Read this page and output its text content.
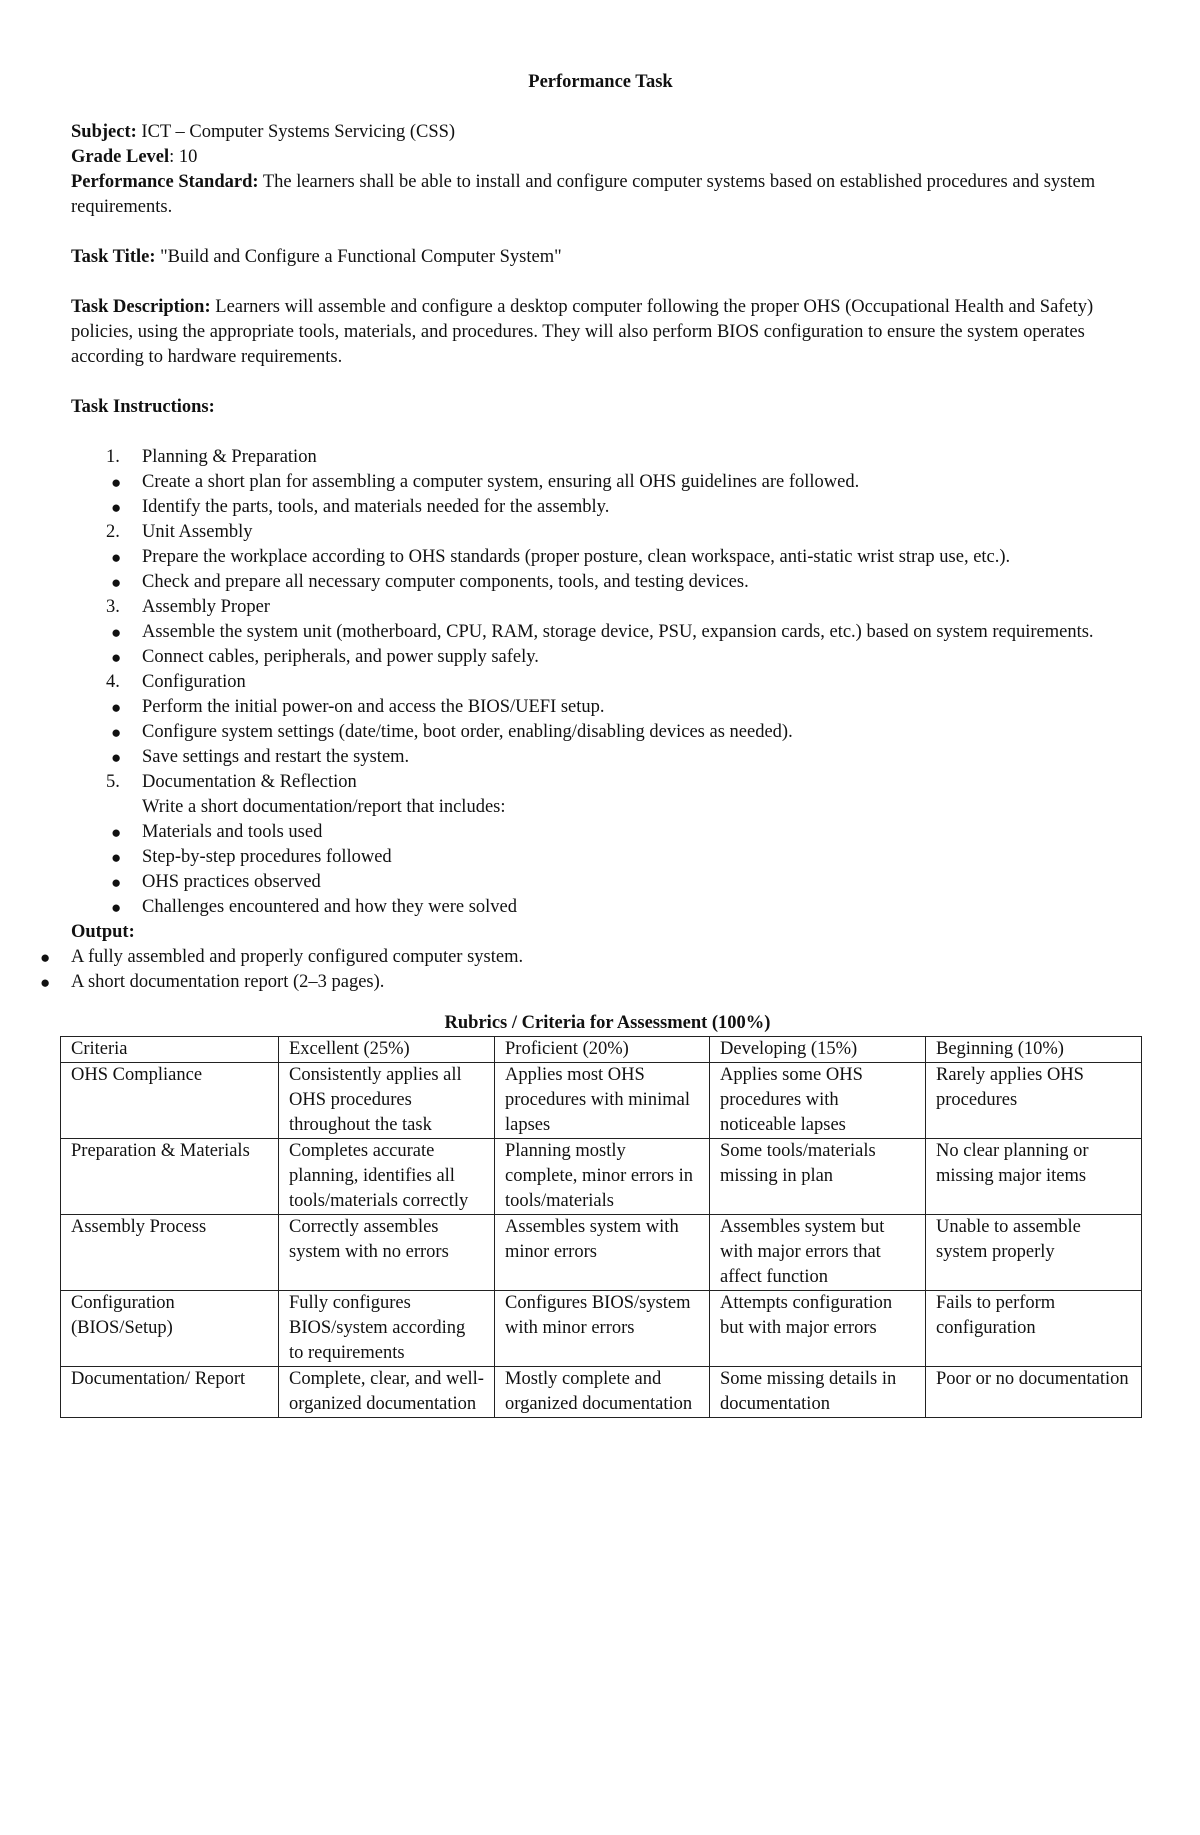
Performance Task

Subject: ICT – Computer Systems Servicing (CSS)

Grade Level: 10

Performance Standard: The learners shall be able to install and configure computer systems based on established procedures and system requirements.

Task Title: "Build and Configure a Functional Computer System"

Task Description: Learners will assemble and configure a desktop computer following the proper OHS (Occupational Health and Safety) policies, using the appropriate tools, materials, and procedures. They will also perform BIOS configuration to ensure the system operates according to hardware requirements.

Task Instructions:

1. Planning & Preparation
● Create a short plan for assembling a computer system, ensuring all OHS guidelines are followed.
● Identify the parts, tools, and materials needed for the assembly.
2. Unit Assembly
● Prepare the workplace according to OHS standards (proper posture, clean workspace, anti-static wrist strap use, etc.).
● Check and prepare all necessary computer components, tools, and testing devices.
3. Assembly Proper
● Assemble the system unit (motherboard, CPU, RAM, storage device, PSU, expansion cards, etc.) based on system requirements.
● Connect cables, peripherals, and power supply safely.
4. Configuration
● Perform the initial power-on and access the BIOS/UEFI setup.
● Configure system settings (date/time, boot order, enabling/disabling devices as needed).
● Save settings and restart the system.
5. Documentation & Reflection
Write a short documentation/report that includes:
● Materials and tools used
● Step-by-step procedures followed
● OHS practices observed
● Challenges encountered and how they were solved

Output:

● A fully assembled and properly configured computer system.
● A short documentation report (2–3 pages).
Rubrics / Criteria for Assessment (100%)
Criteria	Excellent (25%)	Proficient (20%)	Developing (15%)	Beginning (10%)
OHS Compliance	Consistently applies all OHS procedures throughout the task	Applies most OHS procedures with minimal lapses	Applies some OHS procedures with noticeable lapses	Rarely applies OHS procedures
Preparation & Materials	Completes accurate planning, identifies all tools/materials correctly	Planning mostly complete, minor errors in tools/materials	Some tools/materials missing in plan	No clear planning or missing major items
Assembly Process	Correctly assembles system with no errors	Assembles system with minor errors	Assembles system but with major errors that affect function	Unable to assemble system properly
Configuration (BIOS/Setup)	Fully configures BIOS/system according to requirements	Configures BIOS/system with minor errors	Attempts configuration but with major errors	Fails to perform configuration
Documentation/ Report	Complete, clear, and well-organized documentation	Mostly complete and organized documentation	Some missing details in documentation	Poor or no documentation
